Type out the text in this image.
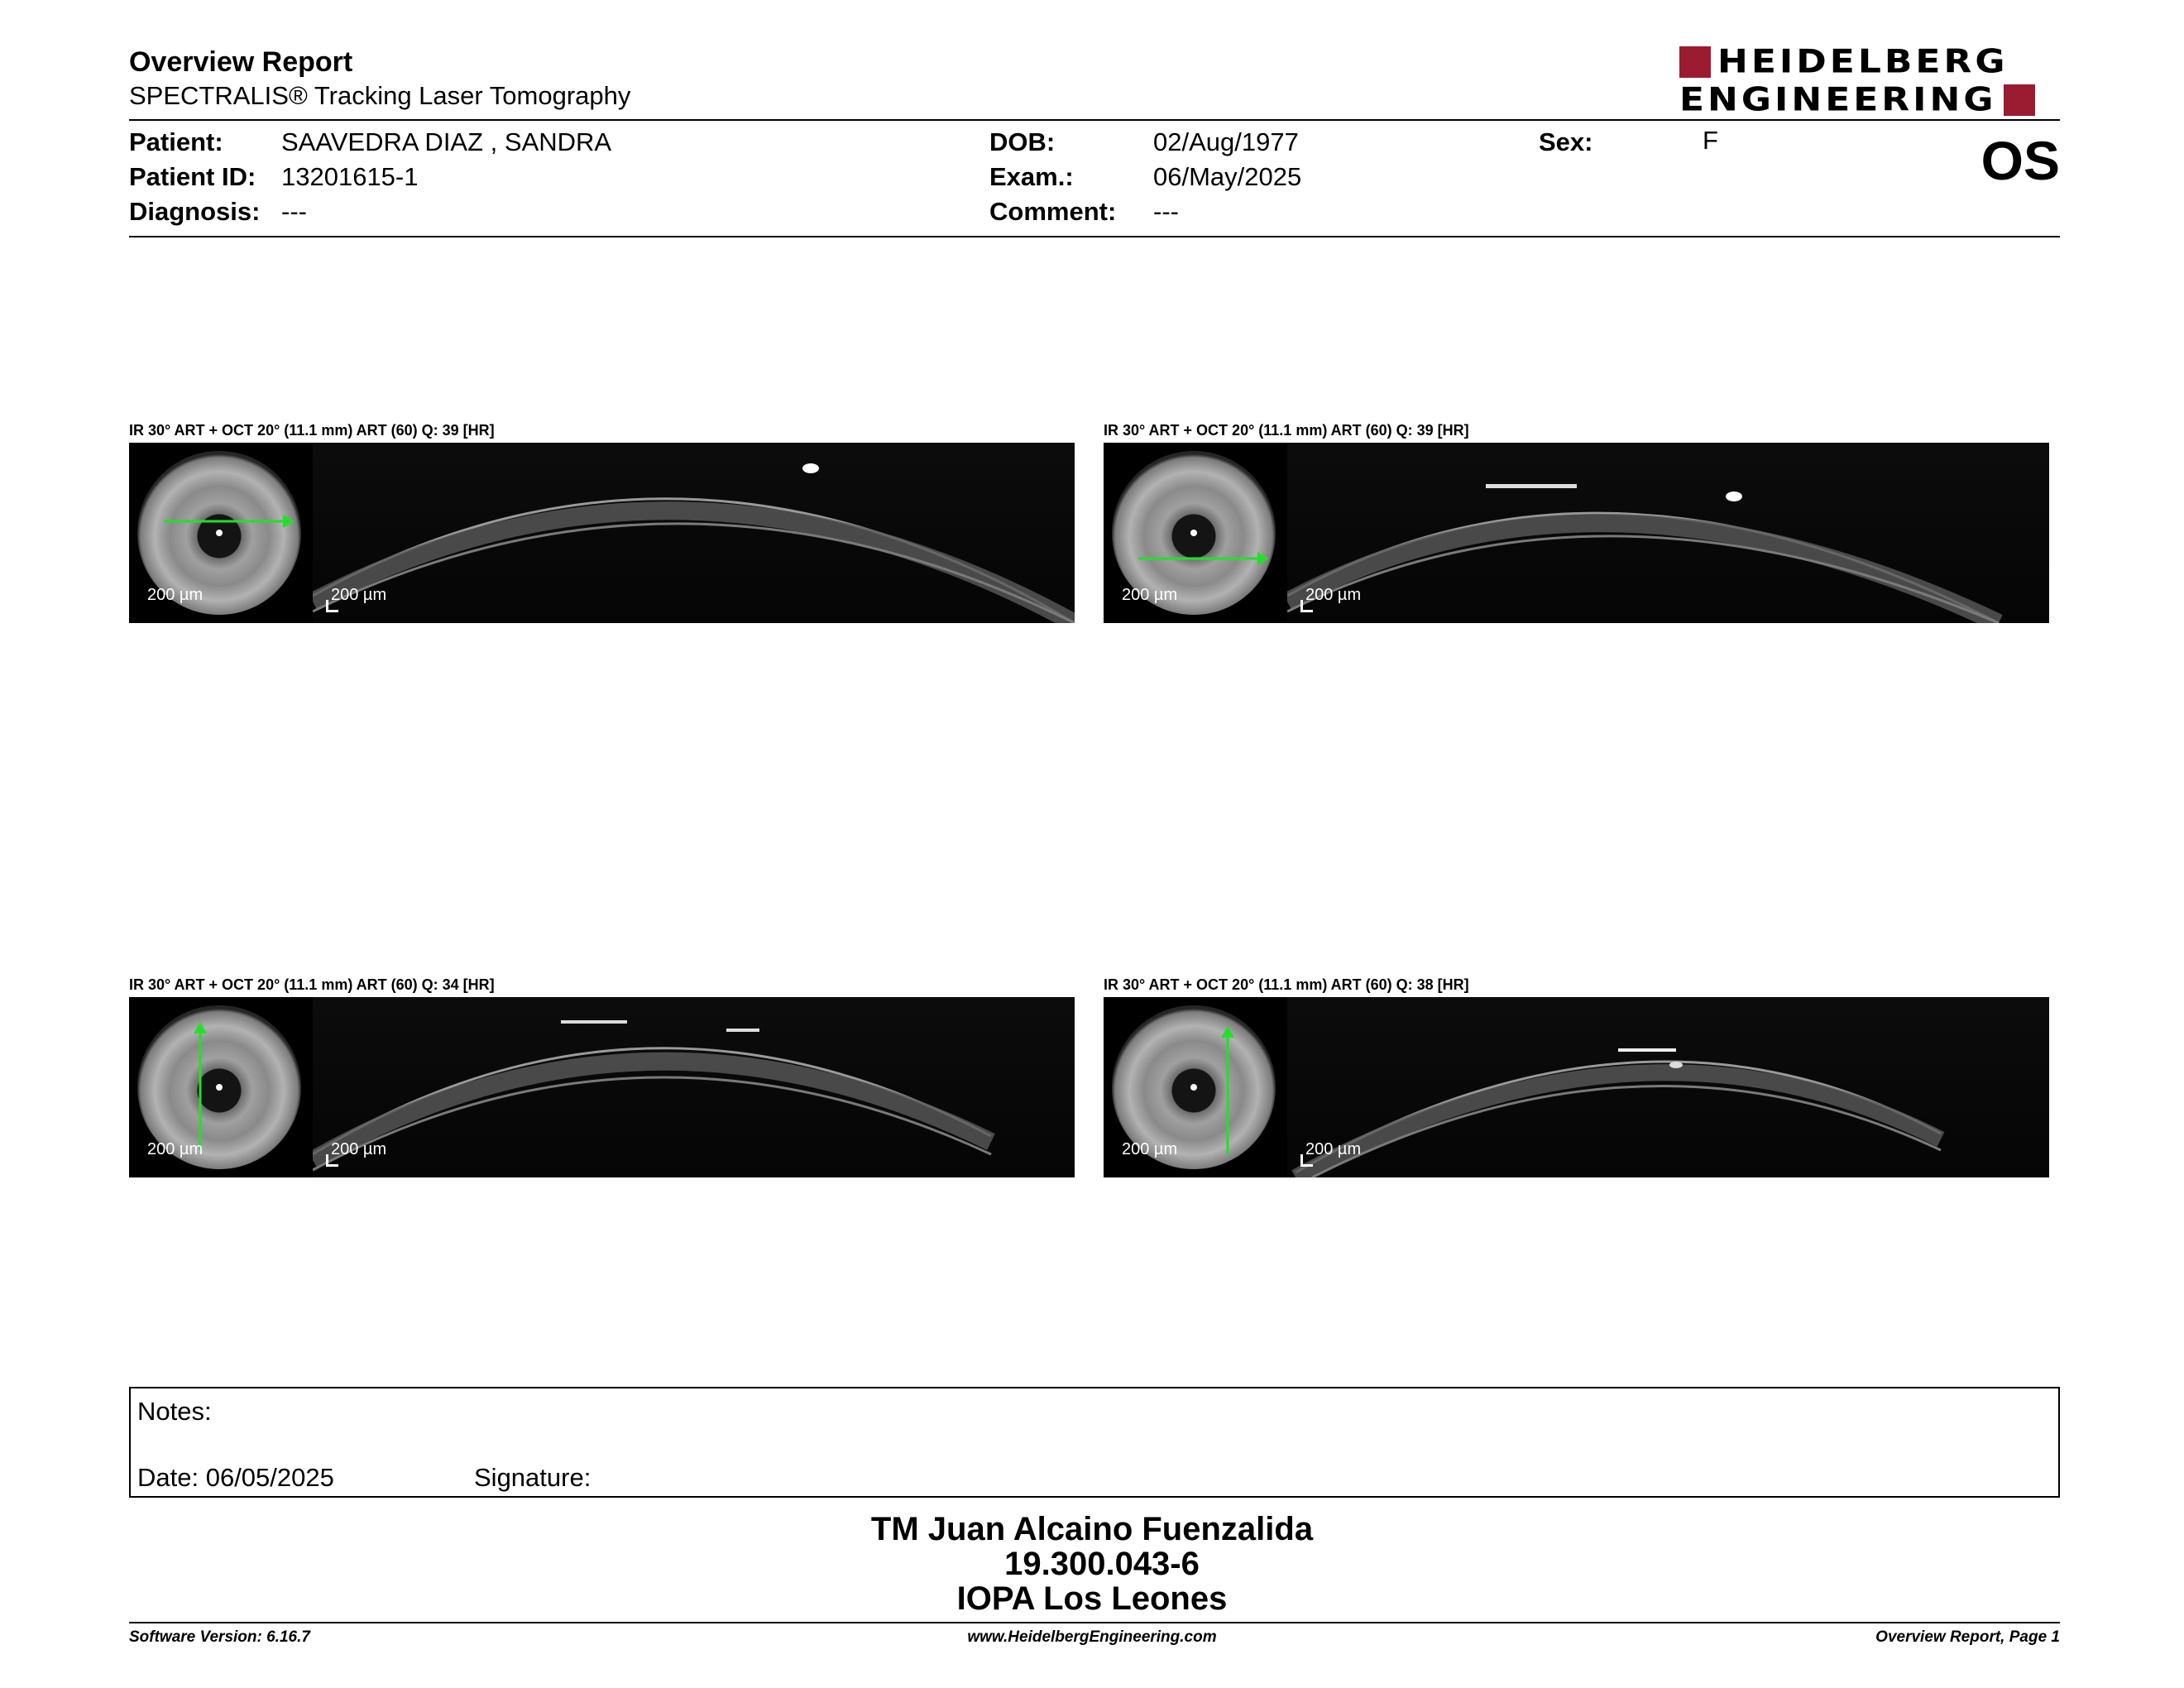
Overview Report
SPECTRALIS® Tracking Laser Tomography
HEIDELBERG
ENGINEERING
Patient: SAAVEDRA DIAZ , SANDRA
Patient ID: 13201615-1
Diagnosis: ---
DOB:	02/Aug/1977
Exam.:	06/May/2025
Comment: ---
Sex:	F	OS
IR 30° ART + OCT 20° (11.1 mm) ART (60) Q: 39 [HR]
200 µm	200 µm
IR 30° ART + OCT 20° (11.1 mm) ART (60) Q: 39 [HR]
200 µm	200 µm
IR 30° ART + OCT 20° (11.1 mm) ART (60) Q: 34 [HR]
200 µm	200 µm
IR 30° ART + OCT 20° (11.1 mm) ART (60) Q: 38 [HR]
200 µm	200 µm
Notes:
Date: 06/05/2025	Signature:
TM Juan Alcaino Fuenzalida
19.300.043-6
IOPA Los Leones
Software Version: 6.16.7	www.HeidelbergEngineering.com	Overview Report, Page 1
